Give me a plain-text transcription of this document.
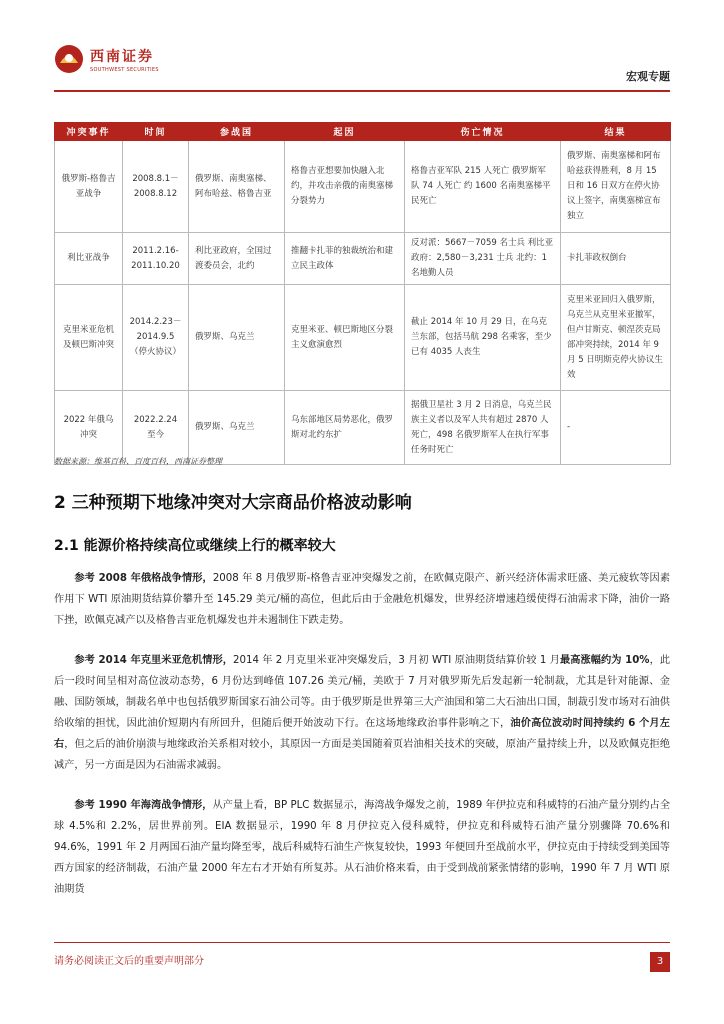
西南证券
SOUTHWEST SECURITIES
宏观专题
冲突事件	时间	参战国	起因	伤亡情况	结果
俄罗斯-格鲁吉亚战争	2008.8.1－2008.8.12	俄罗斯、南奥塞梯、阿布哈兹、格鲁吉亚	格鲁吉亚想要加快融入北约，并攻击亲俄的南奥塞梯分裂势力	格鲁吉亚军队 215 人死亡 俄罗斯军队 74 人死亡 约 1600 名南奥塞梯平民死亡	俄罗斯、南奥塞梯和阿布哈兹获得胜利，8 月 15 日和 16 日双方在停火协议上签字，南奥塞梯宣布独立
利比亚战争	2011.2.16-2011.10.20	利比亚政府，全国过渡委员会，北约	推翻卡扎菲的独裁统治和建立民主政体	反对派：5667－7059 名士兵 利比亚政府：2,580－3,231 士兵 北约：1 名地勤人员	卡扎菲政权倒台
克里米亚危机及顿巴斯冲突	2014.2.23－2014.9.5（停火协议）	俄罗斯、乌克兰	克里米亚、顿巴斯地区分裂主义愈演愈烈	截止 2014 年 10 月 29 日，在乌克兰东部，包括马航 298 名乘客，至少已有 4035 人丧生	克里米亚回归入俄罗斯，乌克兰从克里米亚撤军，但卢甘斯克、顿涅茨克局部冲突持续，2014 年 9 月 5 日明斯克停火协议生效
2022 年俄乌冲突	2022.2.24 至今	俄罗斯、乌克兰	乌东部地区局势恶化，俄罗斯对北约东扩	据俄卫星社 3 月 2 日消息，乌克兰民族主义者以及军人共有超过 2870 人死亡，498 名俄罗斯军人在执行军事任务时死亡	-
数据来源：维基百科、百度百科，西南证券整理
2 三种预期下地缘冲突对大宗商品价格波动影响
2.1 能源价格持续高位或继续上行的概率较大

参考 2008 年俄格战争情形，2008 年 8 月俄罗斯-格鲁吉亚冲突爆发之前，在欧佩克限产、新兴经济体需求旺盛、美元疲软等因素作用下 WTI 原油期货结算价攀升至 145.29 美元/桶的高位，但此后由于金融危机爆发，世界经济增速趋缓使得石油需求下降，油价一路下挫，欧佩克减产以及格鲁吉亚危机爆发也并未遏制住下跌走势。

参考 2014 年克里米亚危机情形，2014 年 2 月克里米亚冲突爆发后，3 月初 WTI 原油期货结算价较 1 月最高涨幅约为 10%，此后一段时间呈相对高位波动态势，6 月份达到峰值 107.26 美元/桶，美欧于 7 月对俄罗斯先后发起新一轮制裁，尤其是针对能源、金融、国防领域，制裁名单中也包括俄罗斯国家石油公司等。由于俄罗斯是世界第三大产油国和第二大石油出口国，制裁引发市场对石油供给收缩的担忧，因此油价短期内有所回升，但随后便开始波动下行。在这场地缘政治事件影响之下，油价高位波动时间持续约 6 个月左右，但之后的油价崩溃与地缘政治关系相对较小，其原因一方面是美国随着页岩油相关技术的突破，原油产量持续上升，以及欧佩克拒绝减产，另一方面是因为石油需求减弱。

参考 1990 年海湾战争情形，从产量上看，BP PLC 数据显示，海湾战争爆发之前，1989 年伊拉克和科威特的石油产量分别约占全球 4.5%和 2.2%，居世界前列。EIA 数据显示，1990 年 8 月伊拉克入侵科威特，伊拉克和科威特石油产量分别骤降 70.6%和 94.6%，1991 年 2 月两国石油产量均降至零，战后科威特石油生产恢复较快，1993 年便回升至战前水平，伊拉克由于持续受到美国等西方国家的经济制裁，石油产量 2000 年左右才开始有所复苏。从石油价格来看，由于受到战前紧张情绪的影响，1990 年 7 月 WTI 原油期货

请务必阅读正文后的重要声明部分	3
